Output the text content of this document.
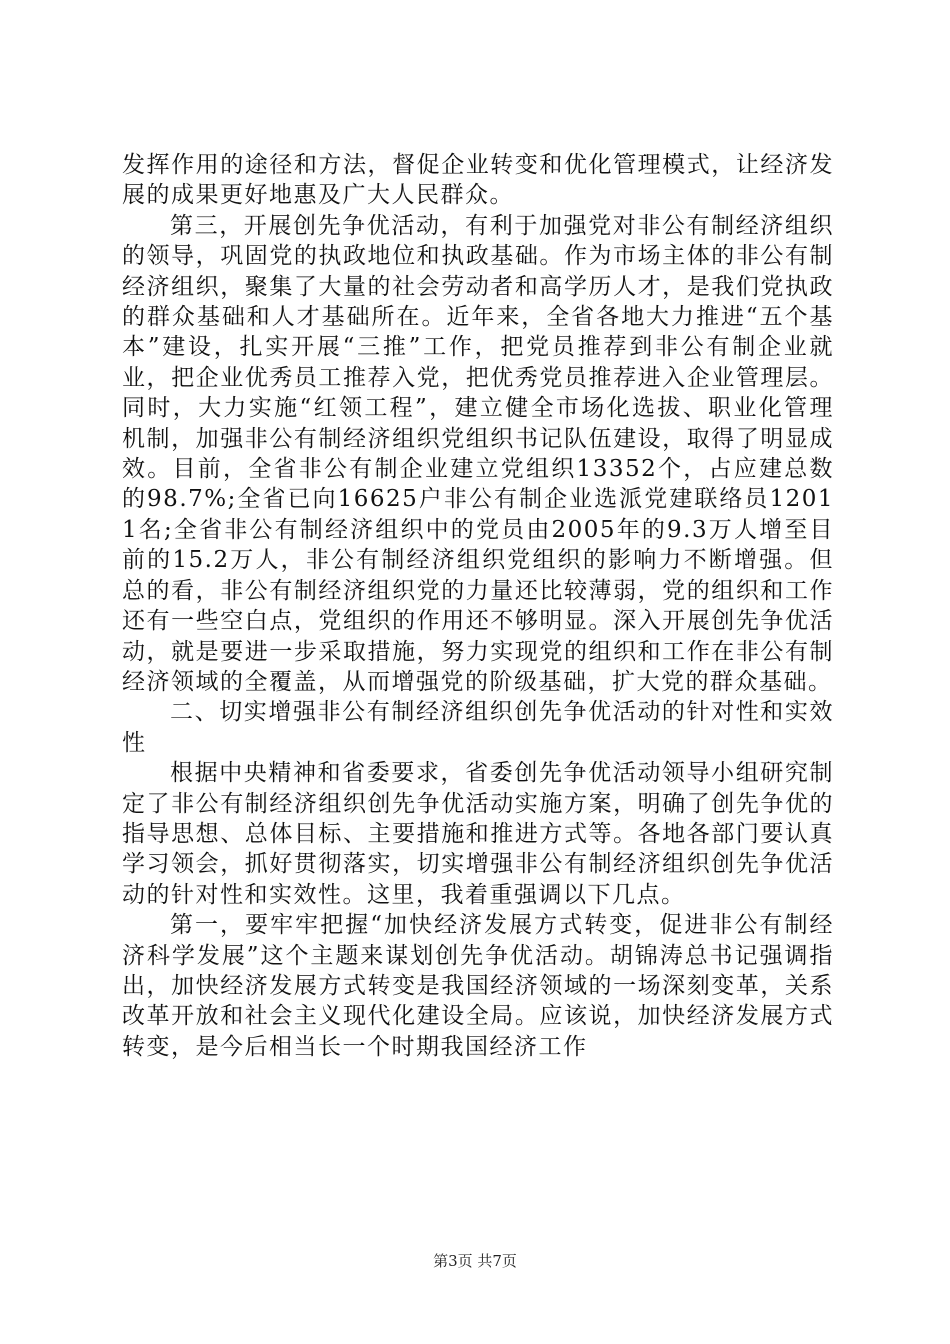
发挥作用的途径和方法，督促企业转变和优化管理模式，让经济发展的成果更好地惠及广大人民群众。

第三，开展创先争优活动，有利于加强党对非公有制经济组织的领导，巩固党的执政地位和执政基础。作为市场主体的非公有制经济组织，聚集了大量的社会劳动者和高学历人才，是我们党执政的群众基础和人才基础所在。近年来，全省各地大力推进“五个基本”建设，扎实开展“三推”工作，把党员推荐到非公有制企业就业，把企业优秀员工推荐入党，把优秀党员推荐进入企业管理层。同时，大力实施“红领工程”，建立健全市场化选拔、职业化管理机制，加强非公有制经济组织党组织书记队伍建设，取得了明显成效。目前，全省非公有制企业建立党组织13352个，占应建总数的98.7%;全省已向16625户非公有制企业选派党建联络员12011名;全省非公有制经济组织中的党员由2005年的9.3万人增至目前的15.2万人，非公有制经济组织党组织的影响力不断增强。但总的看，非公有制经济组织党的力量还比较薄弱，党的组织和工作还有一些空白点，党组织的作用还不够明显。深入开展创先争优活动，就是要进一步采取措施，努力实现党的组织和工作在非公有制经济领域的全覆盖，从而增强党的阶级基础，扩大党的群众基础。

二、切实增强非公有制经济组织创先争优活动的针对性和实效性

根据中央精神和省委要求，省委创先争优活动领导小组研究制定了非公有制经济组织创先争优活动实施方案，明确了创先争优的指导思想、总体目标、主要措施和推进方式等。各地各部门要认真学习领会，抓好贯彻落实，切实增强非公有制经济组织创先争优活动的针对性和实效性。这里，我着重强调以下几点。

第一，要牢牢把握“加快经济发展方式转变，促进非公有制经济科学发展”这个主题来谋划创先争优活动。胡锦涛总书记强调指出，加快经济发展方式转变是我国经济领域的一场深刻变革，关系改革开放和社会主义现代化建设全局。应该说，加快经济发展方式转变，是今后相当长一个时期我国经济工作

第3页 共7页
